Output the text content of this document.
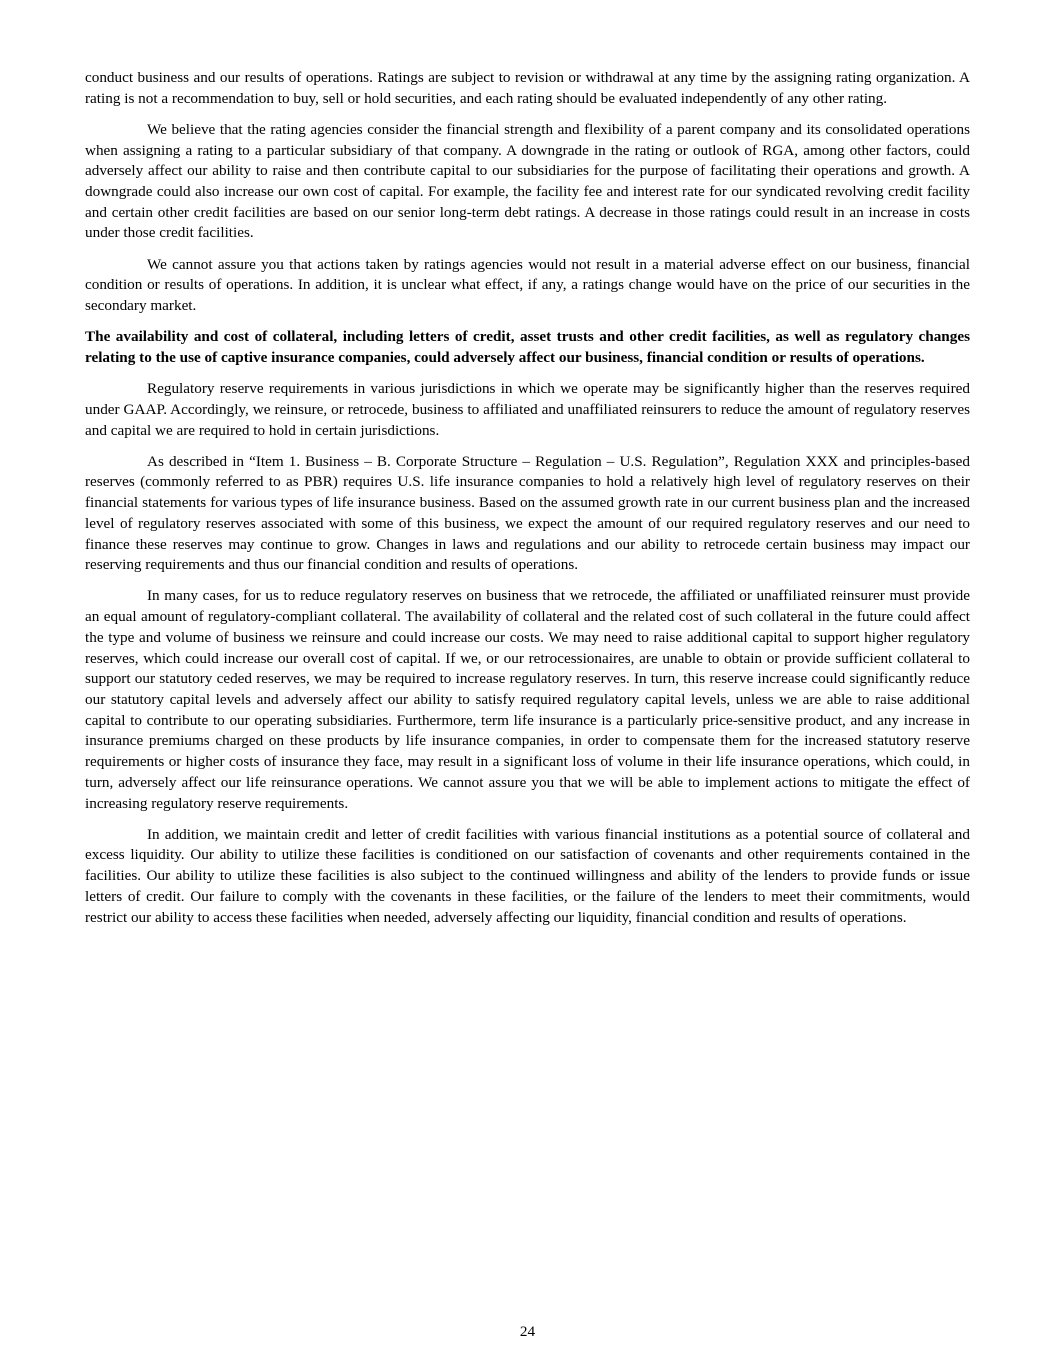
conduct business and our results of operations. Ratings are subject to revision or withdrawal at any time by the assigning rating organization. A rating is not a recommendation to buy, sell or hold securities, and each rating should be evaluated independently of any other rating.

We believe that the rating agencies consider the financial strength and flexibility of a parent company and its consolidated operations when assigning a rating to a particular subsidiary of that company. A downgrade in the rating or outlook of RGA, among other factors, could adversely affect our ability to raise and then contribute capital to our subsidiaries for the purpose of facilitating their operations and growth. A downgrade could also increase our own cost of capital. For example, the facility fee and interest rate for our syndicated revolving credit facility and certain other credit facilities are based on our senior long-term debt ratings. A decrease in those ratings could result in an increase in costs under those credit facilities.

We cannot assure you that actions taken by ratings agencies would not result in a material adverse effect on our business, financial condition or results of operations. In addition, it is unclear what effect, if any, a ratings change would have on the price of our securities in the secondary market.

The availability and cost of collateral, including letters of credit, asset trusts and other credit facilities, as well as regulatory changes relating to the use of captive insurance companies, could adversely affect our business, financial condition or results of operations.

Regulatory reserve requirements in various jurisdictions in which we operate may be significantly higher than the reserves required under GAAP. Accordingly, we reinsure, or retrocede, business to affiliated and unaffiliated reinsurers to reduce the amount of regulatory reserves and capital we are required to hold in certain jurisdictions.

As described in “Item 1. Business – B. Corporate Structure – Regulation – U.S. Regulation”, Regulation XXX and principles-based reserves (commonly referred to as PBR) requires U.S. life insurance companies to hold a relatively high level of regulatory reserves on their financial statements for various types of life insurance business. Based on the assumed growth rate in our current business plan and the increased level of regulatory reserves associated with some of this business, we expect the amount of our required regulatory reserves and our need to finance these reserves may continue to grow. Changes in laws and regulations and our ability to retrocede certain business may impact our reserving requirements and thus our financial condition and results of operations.

In many cases, for us to reduce regulatory reserves on business that we retrocede, the affiliated or unaffiliated reinsurer must provide an equal amount of regulatory-compliant collateral. The availability of collateral and the related cost of such collateral in the future could affect the type and volume of business we reinsure and could increase our costs. We may need to raise additional capital to support higher regulatory reserves, which could increase our overall cost of capital. If we, or our retrocessionaires, are unable to obtain or provide sufficient collateral to support our statutory ceded reserves, we may be required to increase regulatory reserves. In turn, this reserve increase could significantly reduce our statutory capital levels and adversely affect our ability to satisfy required regulatory capital levels, unless we are able to raise additional capital to contribute to our operating subsidiaries. Furthermore, term life insurance is a particularly price-sensitive product, and any increase in insurance premiums charged on these products by life insurance companies, in order to compensate them for the increased statutory reserve requirements or higher costs of insurance they face, may result in a significant loss of volume in their life insurance operations, which could, in turn, adversely affect our life reinsurance operations. We cannot assure you that we will be able to implement actions to mitigate the effect of increasing regulatory reserve requirements.

In addition, we maintain credit and letter of credit facilities with various financial institutions as a potential source of collateral and excess liquidity. Our ability to utilize these facilities is conditioned on our satisfaction of covenants and other requirements contained in the facilities. Our ability to utilize these facilities is also subject to the continued willingness and ability of the lenders to provide funds or issue letters of credit. Our failure to comply with the covenants in these facilities, or the failure of the lenders to meet their commitments, would restrict our ability to access these facilities when needed, adversely affecting our liquidity, financial condition and results of operations.

24
